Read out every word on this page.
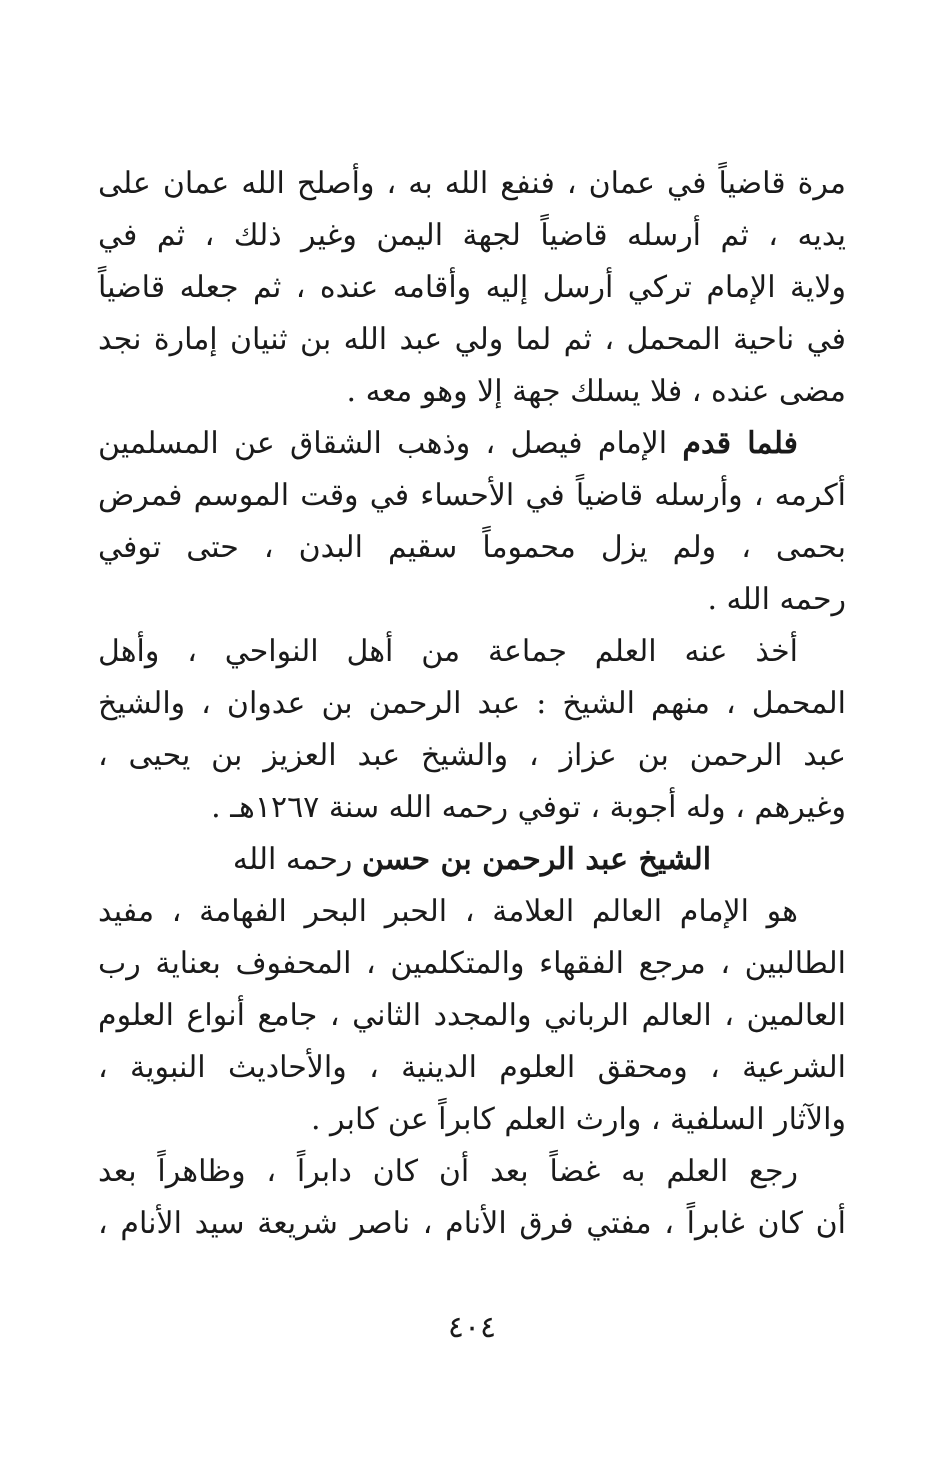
مرة قاضياً في عمان ، فنفع الله به ، وأصلح الله عمان على
يديه ، ثم أرسله قاضياً لجهة اليمن وغير ذلك ، ثم في
ولاية الإمام تركي أرسل إليه وأقامه عنده ، ثم جعله قاضياً
في ناحية المحمل ، ثم لما ولي عبد الله بن ثنيان إمارة نجد
مضى عنده ، فلا يسلك جهة إلا وهو معه .
فلما قدم الإمام فيصل ، وذهب الشقاق عن المسلمين
أكرمه ، وأرسله قاضياً في الأحساء في وقت الموسم فمرض
بحمى ، ولم يزل محموماً سقيم البدن ، حتى توفي
رحمه الله .
أخذ عنه العلم جماعة من أهل النواحي ، وأهل
المحمل ، منهم الشيخ : عبد الرحمن بن عدوان ، والشيخ
عبد الرحمن بن عزاز ، والشيخ عبد العزيز بن يحيى ،
وغيرهم ، وله أجوبة ، توفي رحمه الله سنة ١٢٦٧هـ .
الشيخ عبد الرحمن بن حسن رحمه الله
هو الإمام العالم العلامة ، الحبر البحر الفهامة ، مفيد
الطالبين ، مرجع الفقهاء والمتكلمين ، المحفوف بعناية رب
العالمين ، العالم الرباني والمجدد الثاني ، جامع أنواع العلوم
الشرعية ، ومحقق العلوم الدينية ، والأحاديث النبوية ،
والآثار السلفية ، وارث العلم كابراً عن كابر .
رجع العلم به غضاً بعد أن كان دابراً ، وظاهراً بعد
أن كان غابراً ، مفتي فرق الأنام ، ناصر شريعة سيد الأنام ،
٤٠٤
